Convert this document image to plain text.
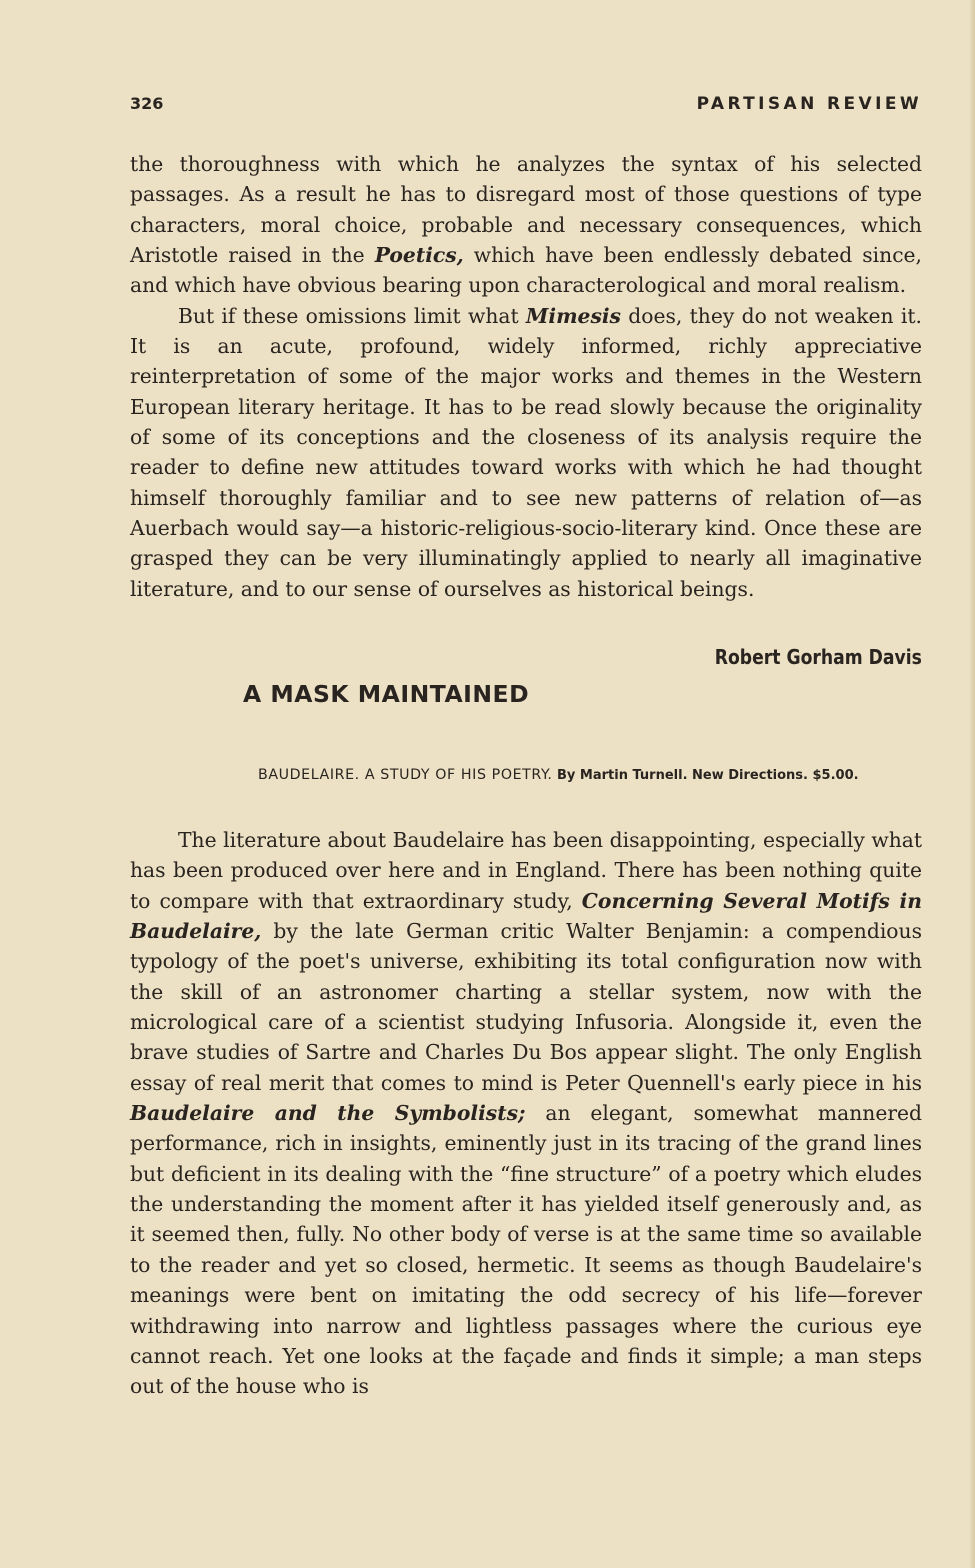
326	PARTISAN REVIEW

the thoroughness with which he analyzes the syntax of his selected passages. As a result he has to disregard most of those questions of type characters, moral choice, probable and necessary consequences, which Aristotle raised in the Poetics, which have been endlessly debated since, and which have obvious bearing upon characterological and moral realism.

But if these omissions limit what Mimesis does, they do not weaken it. It is an acute, profound, widely informed, richly appreciative reinterpretation of some of the major works and themes in the Western European literary heritage. It has to be read slowly because the originality of some of its conceptions and the closeness of its analysis require the reader to define new attitudes toward works with which he had thought himself thoroughly familiar and to see new patterns of relation of—as Auerbach would say—a historic-religious-socio-literary kind. Once these are grasped they can be very illuminatingly applied to nearly all imaginative literature, and to our sense of ourselves as historical beings.

Robert Gorham Davis
A MASK MAINTAINED
BAUDELAIRE. A STUDY OF HIS POETRY. By Martin Turnell. New Directions. $5.00.

The literature about Baudelaire has been disappointing, especially what has been produced over here and in England. There has been nothing quite to compare with that extraordinary study, Concerning Several Motifs in Baudelaire, by the late German critic Walter Benjamin: a compendious typology of the poet's universe, exhibiting its total configuration now with the skill of an astronomer charting a stellar system, now with the micrological care of a scientist studying Infusoria. Alongside it, even the brave studies of Sartre and Charles Du Bos appear slight. The only English essay of real merit that comes to mind is Peter Quennell's early piece in his Baudelaire and the Symbolists; an elegant, somewhat mannered performance, rich in insights, eminently just in its tracing of the grand lines but deficient in its dealing with the “fine structure” of a poetry which eludes the understanding the moment after it has yielded itself generously and, as it seemed then, fully. No other body of verse is at the same time so available to the reader and yet so closed, hermetic. It seems as though Baudelaire's meanings were bent on imitating the odd secrecy of his life—forever withdrawing into narrow and lightless passages where the curious eye cannot reach. Yet one looks at the façade and finds it simple; a man steps out of the house who is
